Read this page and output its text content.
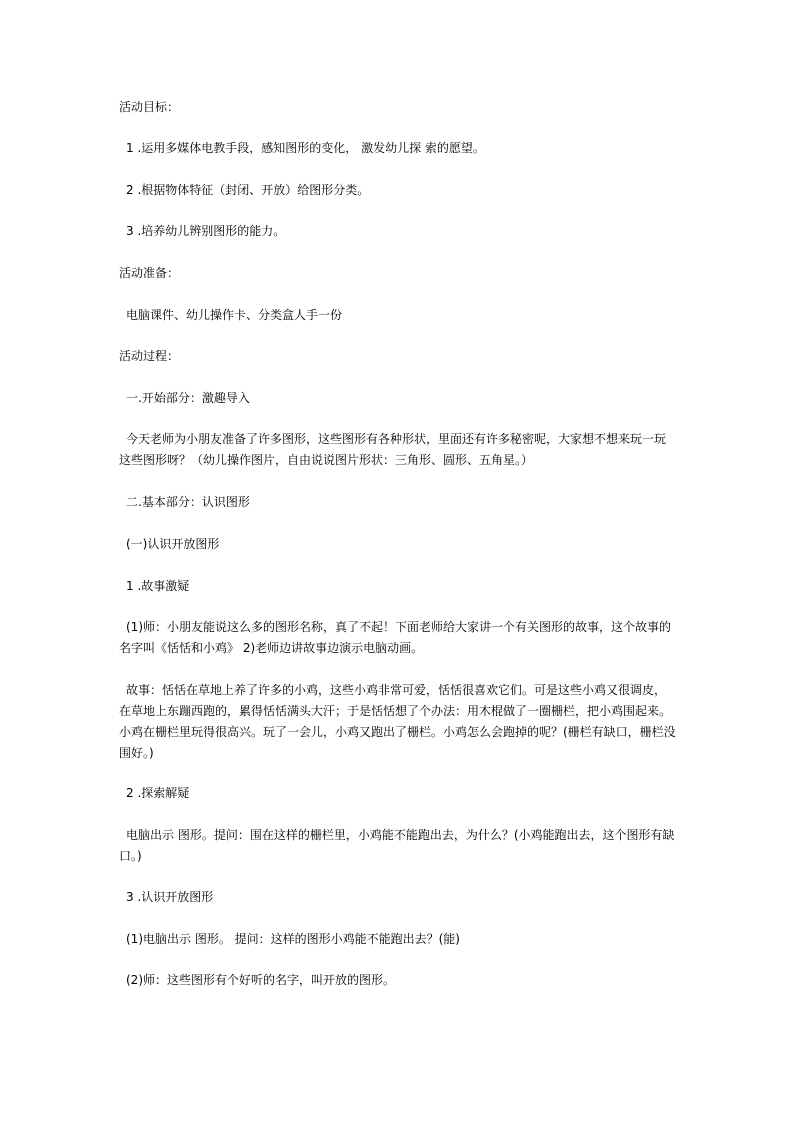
活动目标：
1 .运用多媒体电教手段，感知图形的变化， 激发幼儿探 索的愿望。
2 .根据物体特征（封闭、开放）给图形分类。
3 .培养幼儿辨别图形的能力。
活动准备：
电脑课件、幼儿操作卡、分类盒人手一份
活动过程：
一.开始部分：激趣导入
今天老师为小朋友准备了许多图形，这些图形有各种形状，里面还有许多秘密呢，大家想不想来玩一玩这些图形呀？（幼儿操作图片，自由说说图片形状：三角形、圆形、五角星。）
二.基本部分：认识图形
(一)认识开放图形
1 .故事激疑
(1)师：小朋友能说这么多的图形名称，真了不起！下面老师给大家讲一个有关图形的故事，这个故事的名字叫《恬恬和小鸡》 2)老师边讲故事边演示电脑动画。
故事：恬恬在草地上养了许多的小鸡，这些小鸡非常可爱，恬恬很喜欢它们。可是这些小鸡又很调皮，在草地上东蹦西跑的，累得恬恬满头大汗；于是恬恬想了个办法：用木棍做了一圈栅栏，把小鸡围起来。小鸡在栅栏里玩得很高兴。玩了一会儿，小鸡又跑出了栅栏。小鸡怎么会跑掉的呢？(栅栏有缺口，栅栏没围好。)
2 .探索解疑
电脑出示 图形。提问：围在这样的栅栏里，小鸡能不能跑出去，为什么？(小鸡能跑出去，这个图形有缺口。)
3 .认识开放图形
(1)电脑出示 图形。 提问：这样的图形小鸡能不能跑出去？(能)
(2)师：这些图形有个好听的名字，叫开放的图形。
